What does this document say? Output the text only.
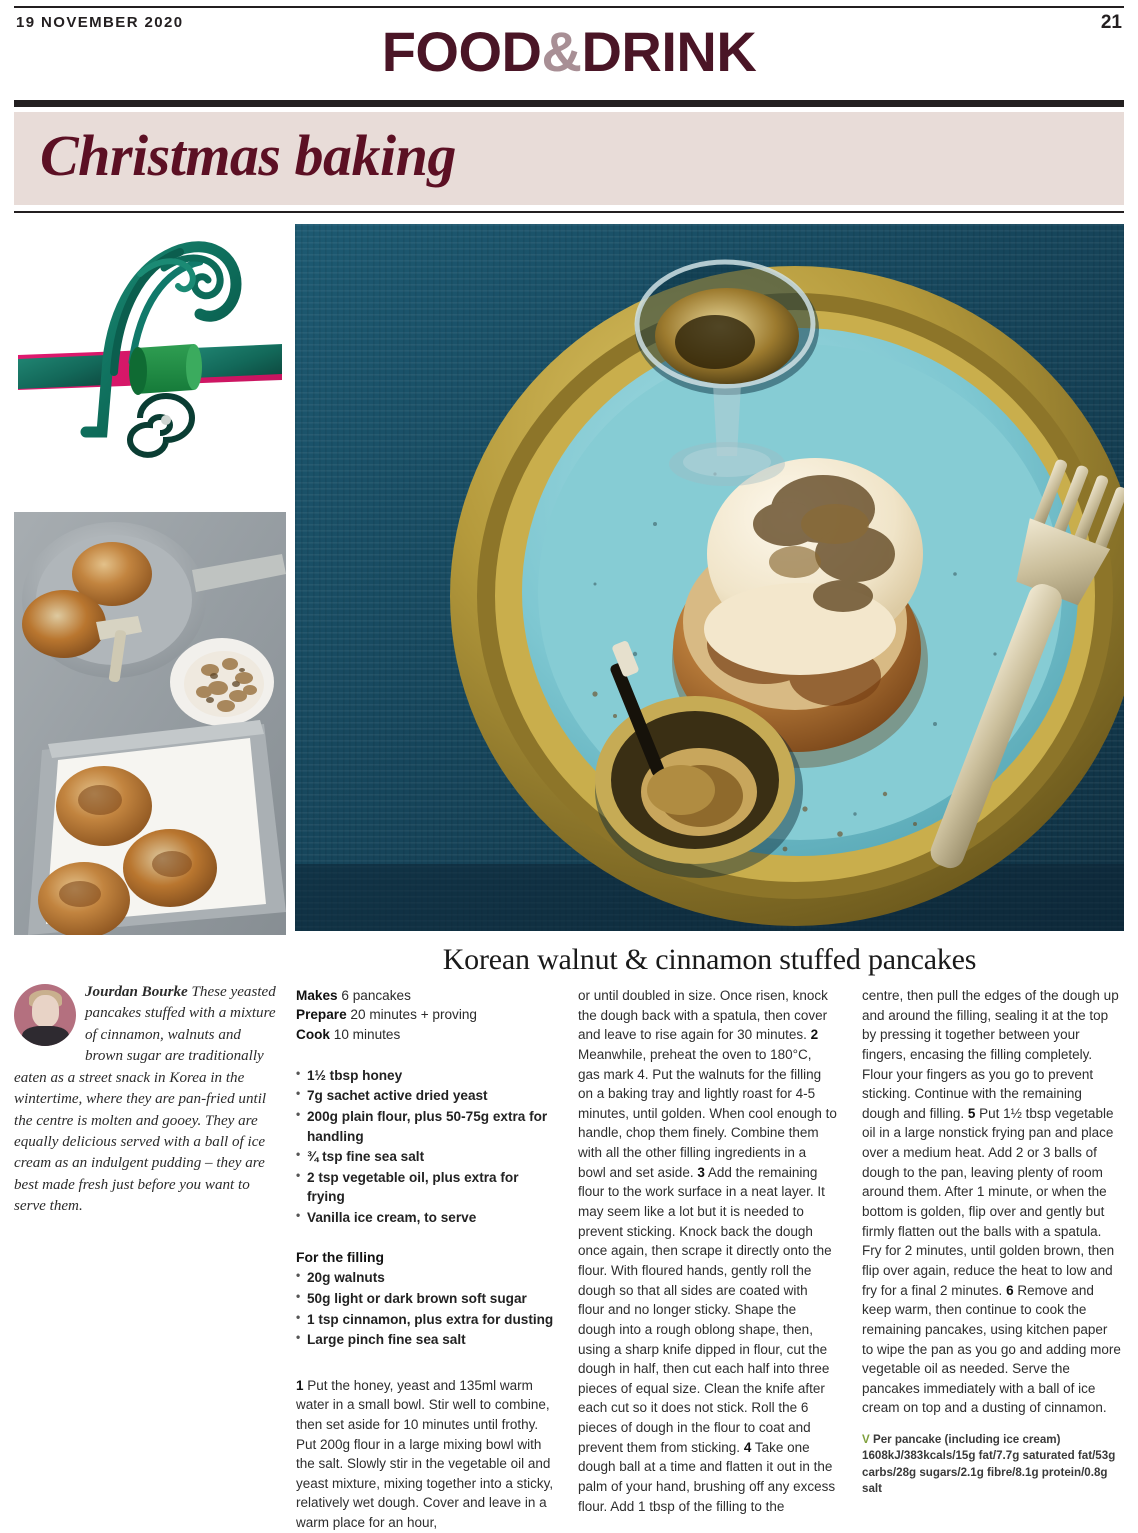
19 NOVEMBER 2020	21
FOOD&DRINK
Christmas baking
Korean walnut & cinnamon stuffed pancakes
Jourdan Bourke These yeasted pancakes stuffed with a mixture of cinnamon, walnuts and brown sugar are traditionally eaten as a street snack in Korea in the wintertime, where they are pan-fried until the centre is molten and gooey. They are equally delicious served with a ball of ice cream as an indulgent pudding – they are best made fresh just before you want to serve them.
Makes 6 pancakes
Prepare 20 minutes + proving
Cook 10 minutes
• 1½ tbsp honey
• 7g sachet active dried yeast
• 200g plain flour, plus 50-75g extra for handling
• ¾ tsp fine sea salt
• 2 tsp vegetable oil, plus extra for frying
• Vanilla ice cream, to serve
For the filling
• 20g walnuts
• 50g light or dark brown soft sugar
• 1 tsp cinnamon, plus extra for dusting
• Large pinch fine sea salt
1 Put the honey, yeast and 135ml warm water in a small bowl. Stir well to combine, then set aside for 10 minutes until frothy. Put 200g flour in a large mixing bowl with the salt. Slowly stir in the vegetable oil and yeast mixture, mixing together into a sticky, relatively wet dough. Cover and leave in a warm place for an hour,
or until doubled in size. Once risen, knock the dough back with a spatula, then cover and leave to rise again for 30 minutes. 2 Meanwhile, preheat the oven to 180°C, gas mark 4. Put the walnuts for the filling on a baking tray and lightly roast for 4-5 minutes, until golden. When cool enough to handle, chop them finely. Combine them with all the other filling ingredients in a bowl and set aside. 3 Add the remaining flour to the work surface in a neat layer. It may seem like a lot but it is needed to prevent sticking. Knock back the dough once again, then scrape it directly onto the flour. With floured hands, gently roll the dough so that all sides are coated with flour and no longer sticky. Shape the dough into a rough oblong shape, then, using a sharp knife dipped in flour, cut the dough in half, then cut each half into three pieces of equal size. Clean the knife after each cut so it does not stick. Roll the 6 pieces of dough in the flour to coat and prevent them from sticking. 4 Take one dough ball at a time and flatten it out in the palm of your hand, brushing off any excess flour. Add 1 tbsp of the filling to the
centre, then pull the edges of the dough up and around the filling, sealing it at the top by pressing it together between your fingers, encasing the filling completely. Flour your fingers as you go to prevent sticking. Continue with the remaining dough and filling. 5 Put 1½ tbsp vegetable oil in a large nonstick frying pan and place over a medium heat. Add 2 or 3 balls of dough to the pan, leaving plenty of room around them. After 1 minute, or when the bottom is golden, flip over and gently but firmly flatten out the balls with a spatula. Fry for 2 minutes, until golden brown, then flip over again, reduce the heat to low and fry for a final 2 minutes. 6 Remove and keep warm, then continue to cook the remaining pancakes, using kitchen paper to wipe the pan as you go and adding more vegetable oil as needed. Serve the pancakes immediately with a ball of ice cream on top and a dusting of cinnamon.
V Per pancake (including ice cream) 1608kJ/383kcals/15g fat/7.7g saturated fat/53g carbs/28g sugars/2.1g fibre/8.1g protein/0.8g salt
